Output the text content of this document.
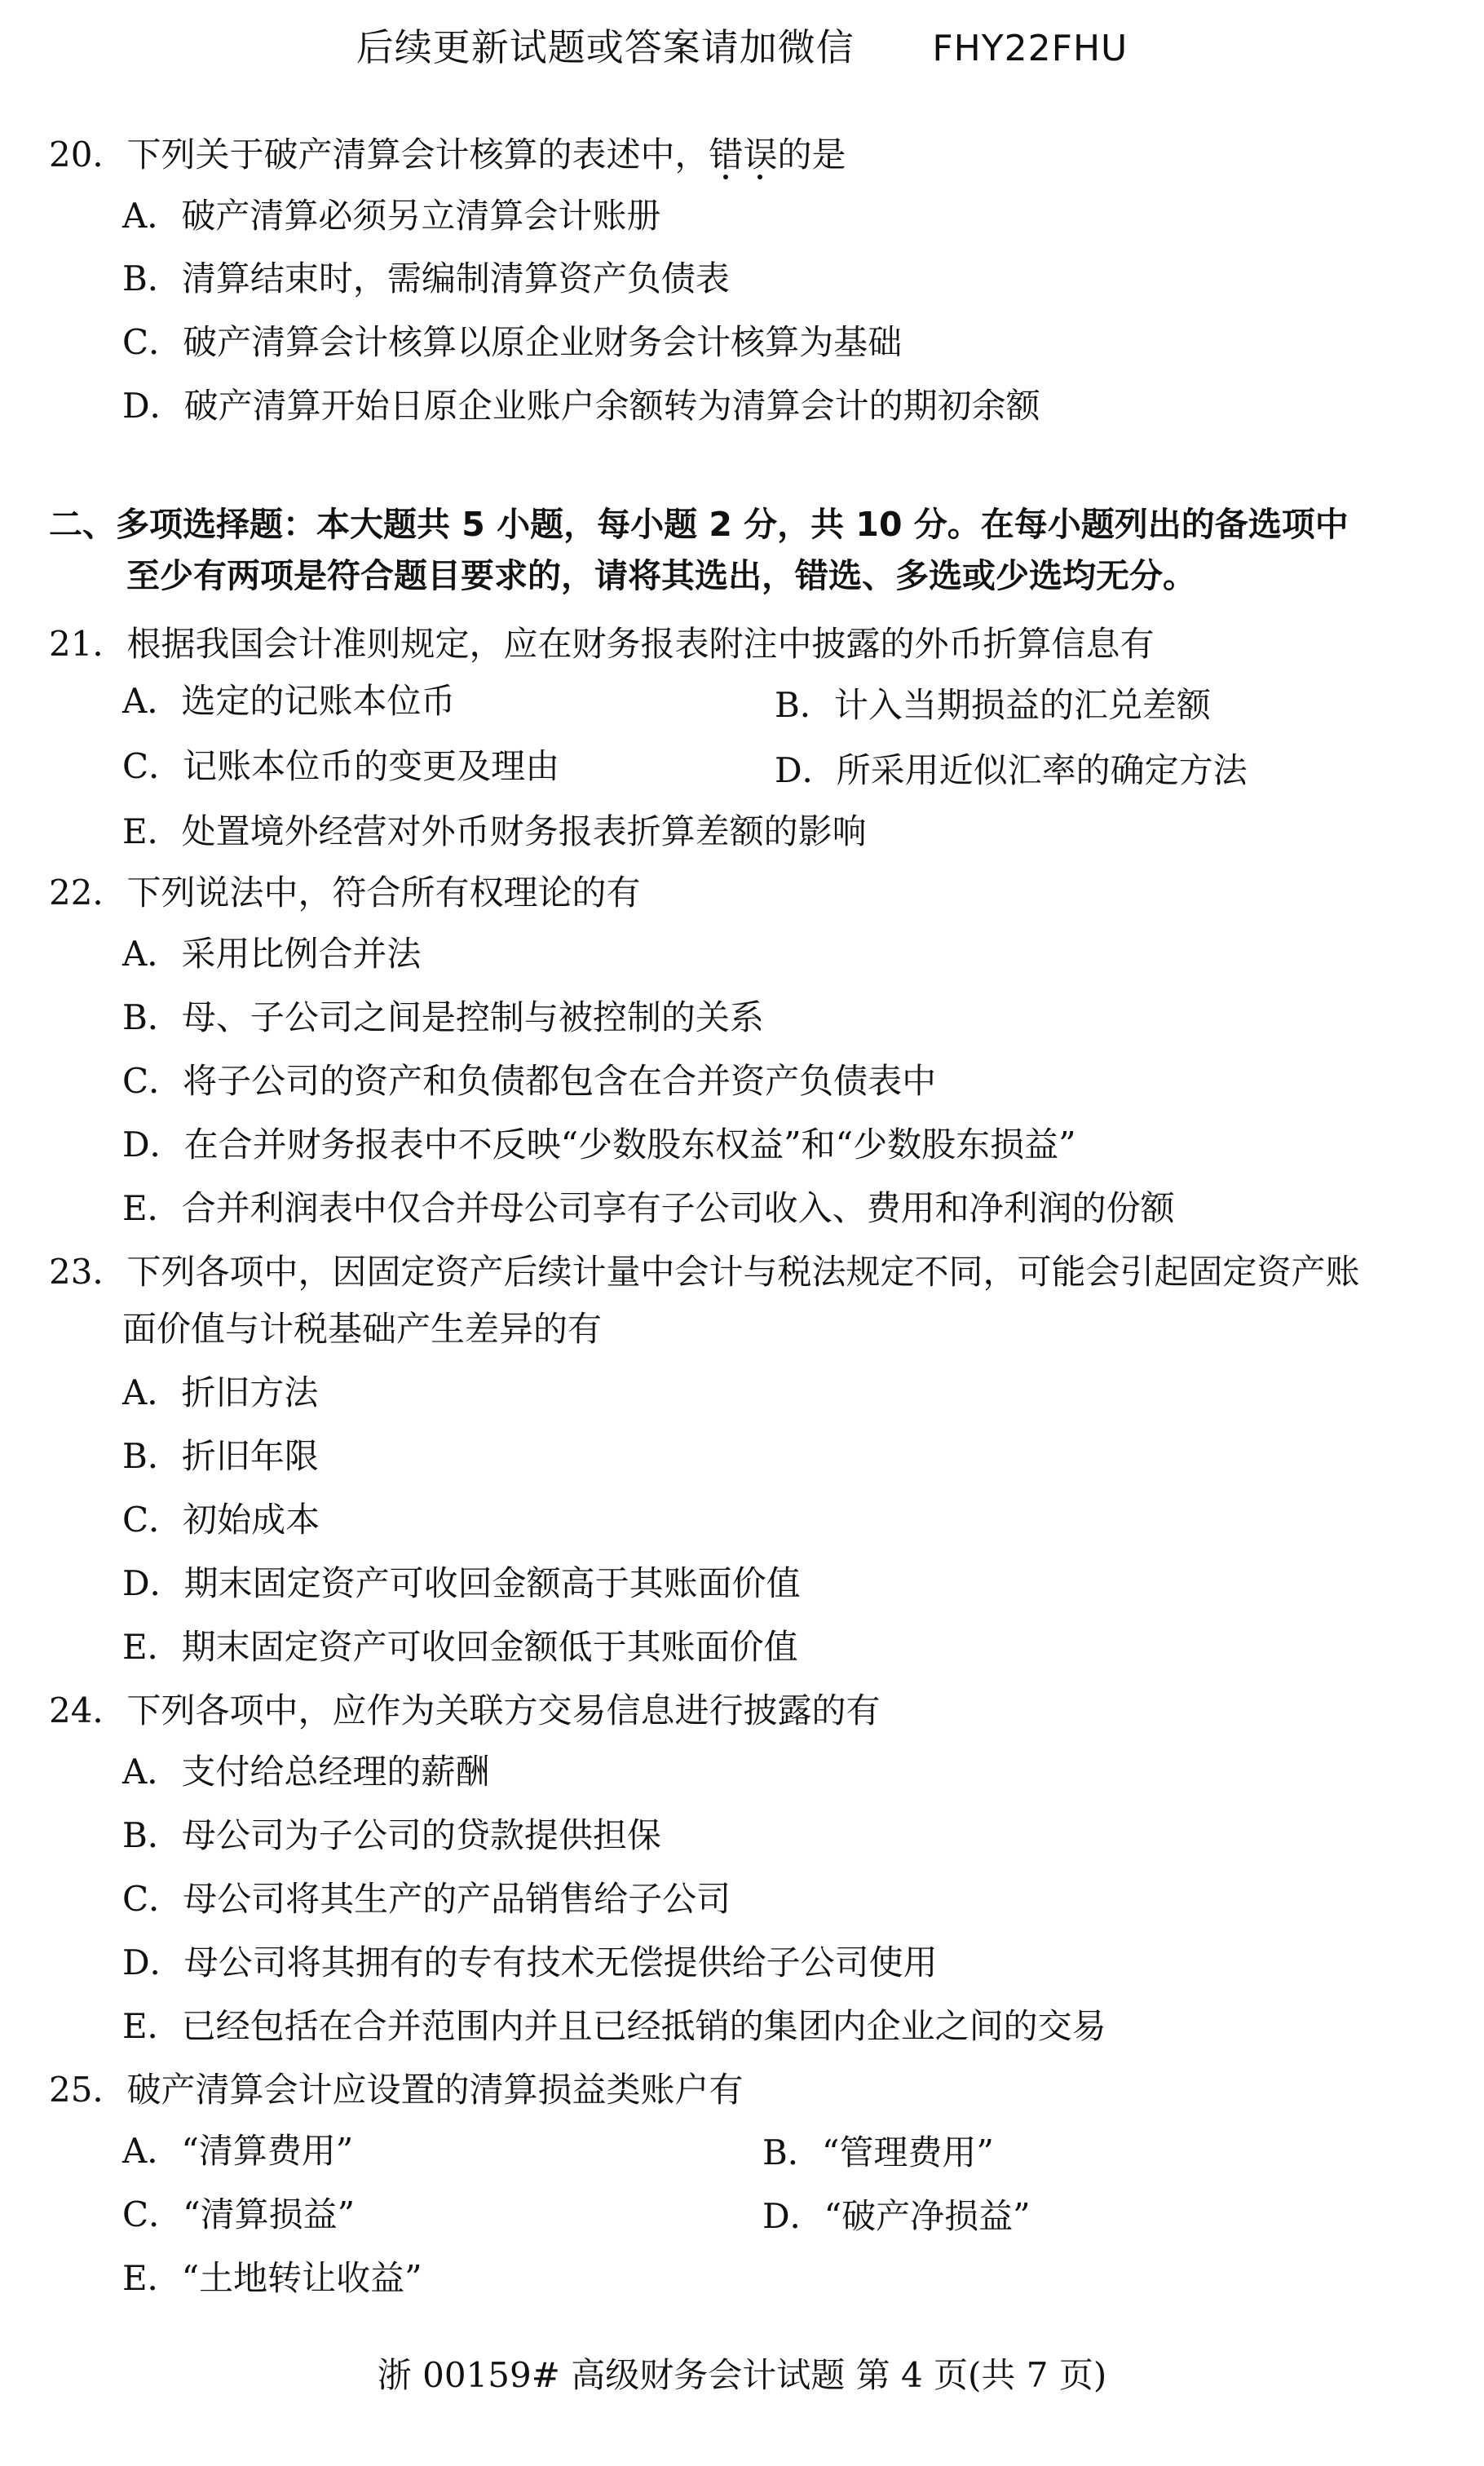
后续更新试题或答案请加微信 FHY22FHU
20．下列关于破产清算会计核算的表述中，错误的是
A．破产清算必须另立清算会计账册
B．清算结束时，需编制清算资产负债表
C．破产清算会计核算以原企业财务会计核算为基础
D．破产清算开始日原企业账户余额转为清算会计的期初余额
二、多项选择题：本大题共 5 小题，每小题 2 分，共 10 分。在每小题列出的备选项中
至少有两项是符合题目要求的，请将其选出，错选、多选或少选均无分。
21．根据我国会计准则规定，应在财务报表附注中披露的外币折算信息有
A．选定的记账本位币	B．计入当期损益的汇兑差额
C．记账本位币的变更及理由	D．所采用近似汇率的确定方法
E．处置境外经营对外币财务报表折算差额的影响
22．下列说法中，符合所有权理论的有
A．采用比例合并法
B．母、子公司之间是控制与被控制的关系
C．将子公司的资产和负债都包含在合并资产负债表中
D．在合并财务报表中不反映“少数股东权益”和“少数股东损益”
E．合并利润表中仅合并母公司享有子公司收入、费用和净利润的份额
23．下列各项中，因固定资产后续计量中会计与税法规定不同，可能会引起固定资产账
面价值与计税基础产生差异的有
A．折旧方法
B．折旧年限
C．初始成本
D．期末固定资产可收回金额高于其账面价值
E．期末固定资产可收回金额低于其账面价值
24．下列各项中，应作为关联方交易信息进行披露的有
A．支付给总经理的薪酬
B．母公司为子公司的贷款提供担保
C．母公司将其生产的产品销售给子公司
D．母公司将其拥有的专有技术无偿提供给子公司使用
E．已经包括在合并范围内并且已经抵销的集团内企业之间的交易
25．破产清算会计应设置的清算损益类账户有
A．“清算费用”	B．“管理费用”
C．“清算损益”	D．“破产净损益”
E．“土地转让收益”
浙 00159# 高级财务会计试题 第 4 页(共 7 页)
